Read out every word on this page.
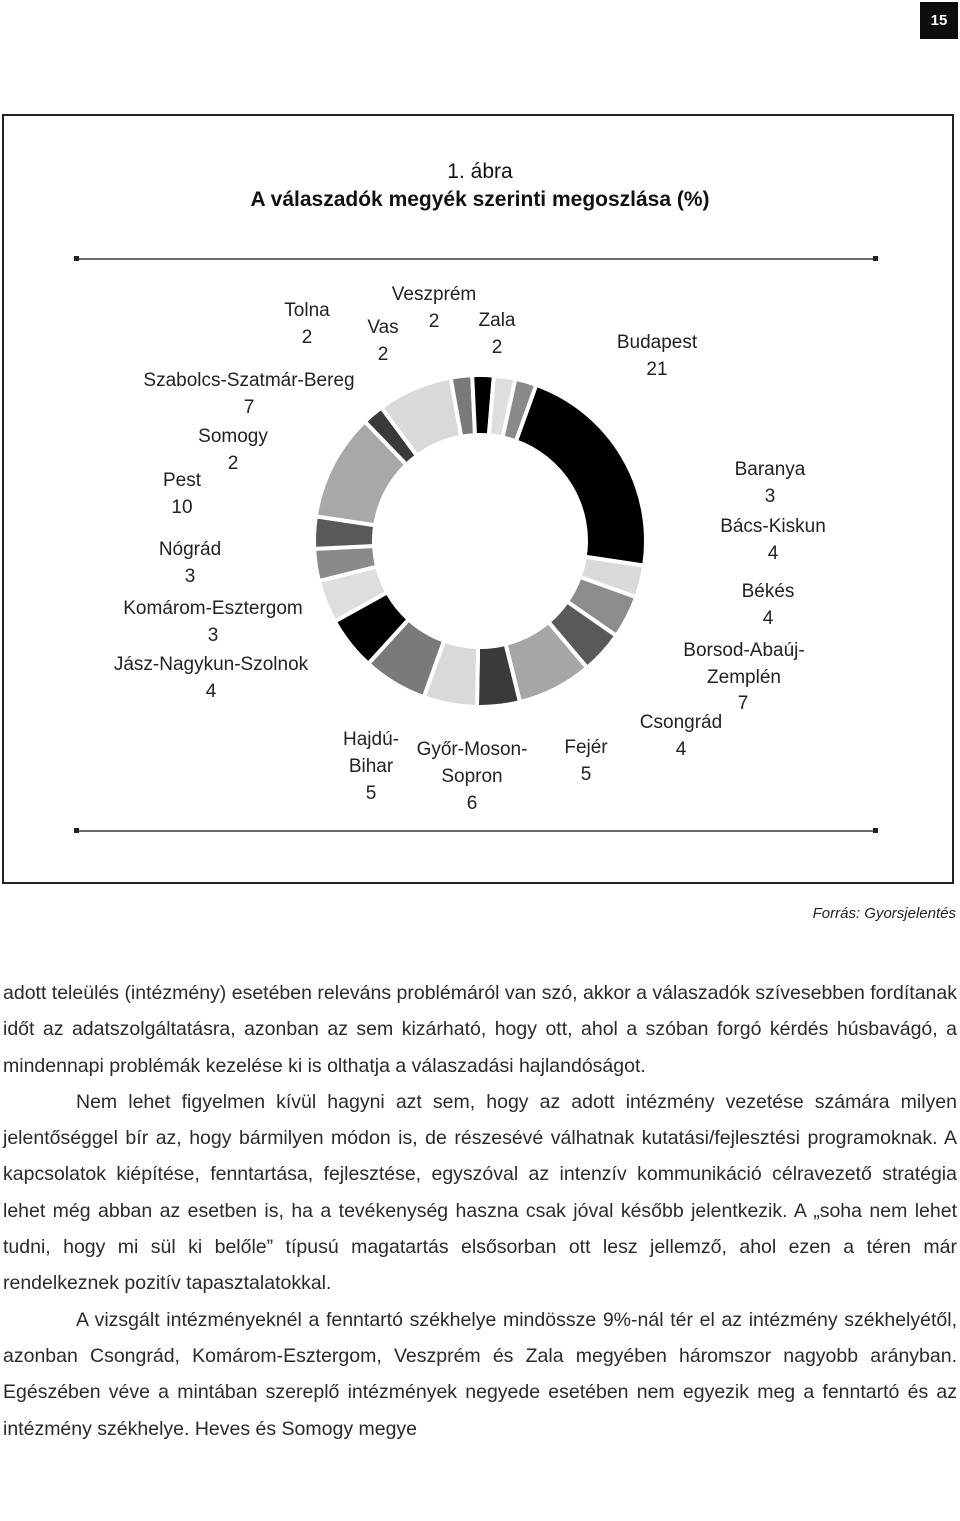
15
1. ábra
A válaszadók megyék szerinti megoszlása (%)
Budapest
21
Baranya
3
Bács-Kiskun
4
Békés
4
Borsod-Abaúj-
Zemplén
7
Csongrád
4
Fejér
5
Győr-Moson-
Sopron
6
Hajdú-
Bihar
5
Jász-Nagykun-Szolnok
4
Komárom-Esztergom
3
Nógrád
3
Pest
10
Somogy
2
Szabolcs-Szatmár-Bereg
7
Tolna
2	Vas
2
Veszprém
2	Zala
2
Forrás: Gyorsjelentés

adott teleülés (intézmény) esetében releváns problémáról van szó, akkor a válaszadók szívesebben fordítanak időt az adatszolgáltatásra, azonban az sem kizárható, hogy ott, ahol a szóban forgó kérdés húsbavágó, a mindennapi problémák kezelése ki is olthatja a válaszadási hajlandóságot.

Nem lehet figyelmen kívül hagyni azt sem, hogy az adott intézmény vezetése számára milyen jelentőséggel bír az, hogy bármilyen módon is, de részesévé válhatnak kutatási/fejlesztési programoknak. A kapcsolatok kiépítése, fenntartása, fejlesztése, egyszóval az intenzív kommunikáció célravezető stratégia lehet még abban az esetben is, ha a tevékenység haszna csak jóval később jelentkezik. A „soha nem lehet tudni, hogy mi sül ki belőle” típusú magatartás elsősorban ott lesz jellemző, ahol ezen a téren már rendelkeznek pozitív tapasztalatokkal.

A vizsgált intézményeknél a fenntartó székhelye mindössze 9%-nál tér el az intézmény székhelyétől, azonban Csongrád, Komárom-Esztergom, Veszprém és Zala megyében háromszor nagyobb arányban. Egészében véve a mintában szereplő intézmények negyede esetében nem egyezik meg a fenntartó és az intézmény székhelye. Heves és Somogy megye
